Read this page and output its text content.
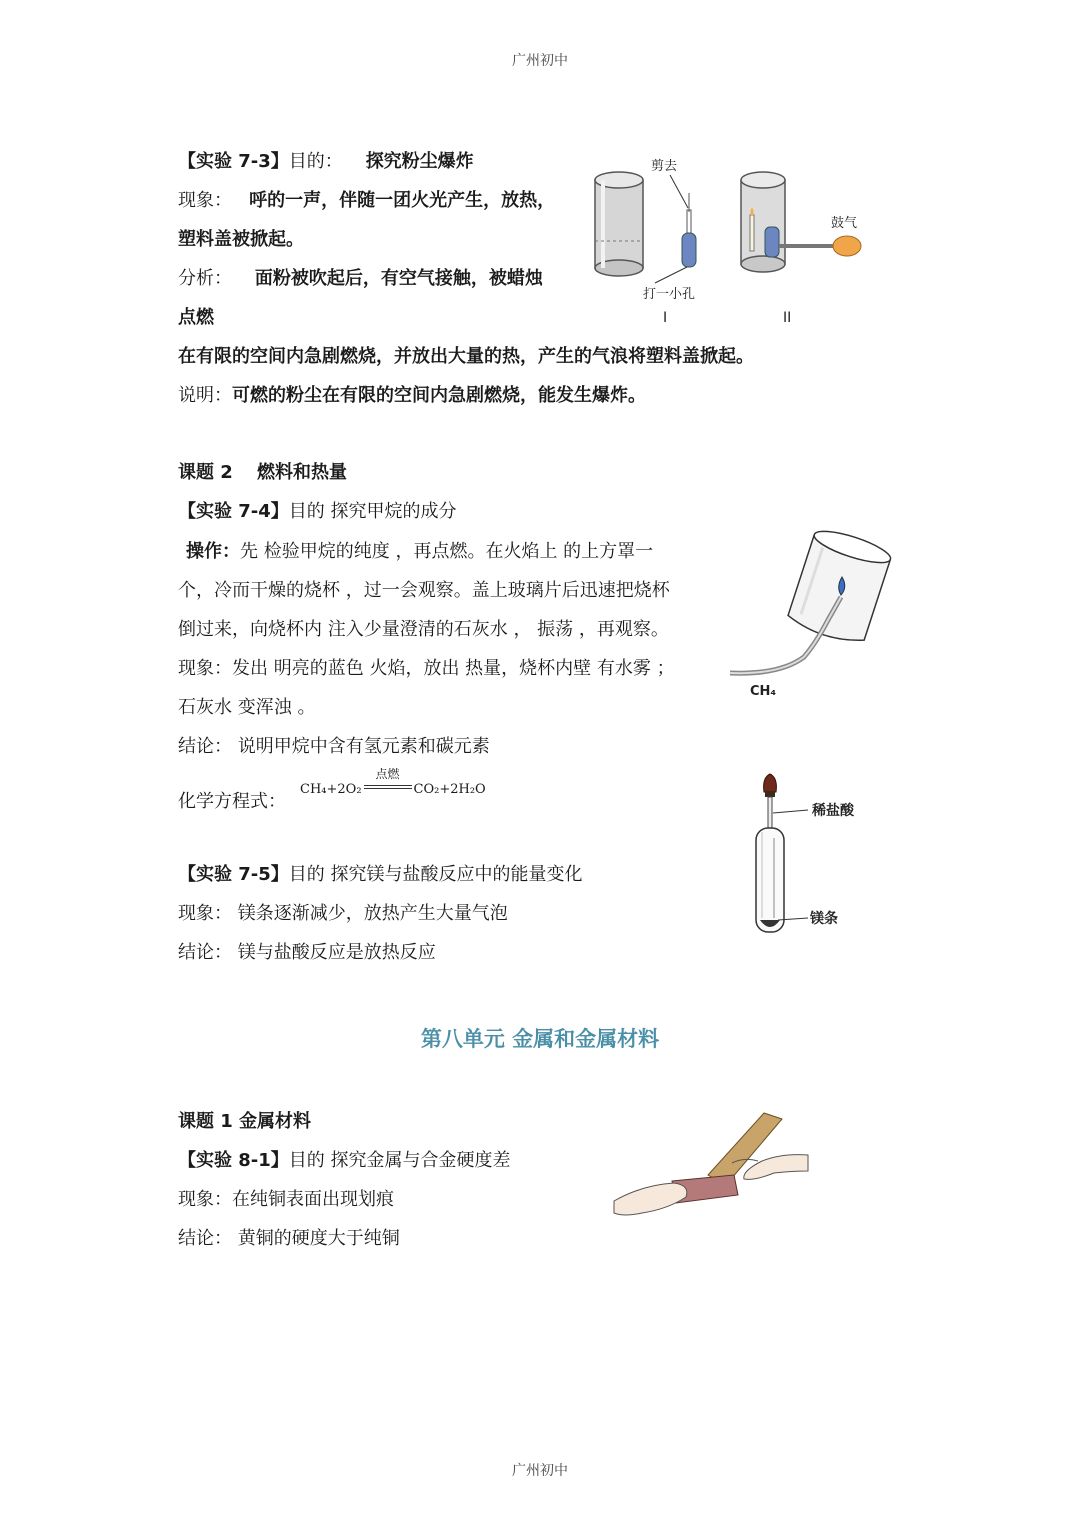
广州初中
【实验 7-3】目的： 探究粉尘爆炸
现象： 呼的一声，伴随一团火光产生，放热，
塑料盖被掀起。
分析： 面粉被吹起后，有空气接触，被蜡烛
点燃
在有限的空间内急剧燃烧，并放出大量的热，产生的气浪将塑料盖掀起。
说明：可燃的粉尘在有限的空间内急剧燃烧，能发生爆炸。
剪去
打一小孔
I
鼓气
II
课题 2　 燃料和热量
【实验 7-4】目的 探究甲烷的成分
操作：先 检验甲烷的纯度 ，再点燃。在火焰上 的上方罩一
个，冷而干燥的烧杯 ，过一会观察。盖上玻璃片后迅速把烧杯
倒过来，向烧杯内 注入少量澄清的石灰水 ， 振荡 ，再观察。
现象：发出 明亮的蓝色 火焰，放出 热量，烧杯内壁 有水雾 ；
石灰水 变浑浊 。
结论： 说明甲烷中含有氢元素和碳元素
化学方程式：
CH₄+2O₂
点燃
CO₂+2H₂O
CH₄
【实验 7-5】目的 探究镁与盐酸反应中的能量变化
现象： 镁条逐渐减少，放热产生大量气泡
结论： 镁与盐酸反应是放热反应
稀盐酸
镁条
第八单元 金属和金属材料
课题 1 金属材料
【实验 8-1】目的 探究金属与合金硬度差
现象：在纯铜表面出现划痕
结论： 黄铜的硬度大于纯铜
广州初中
